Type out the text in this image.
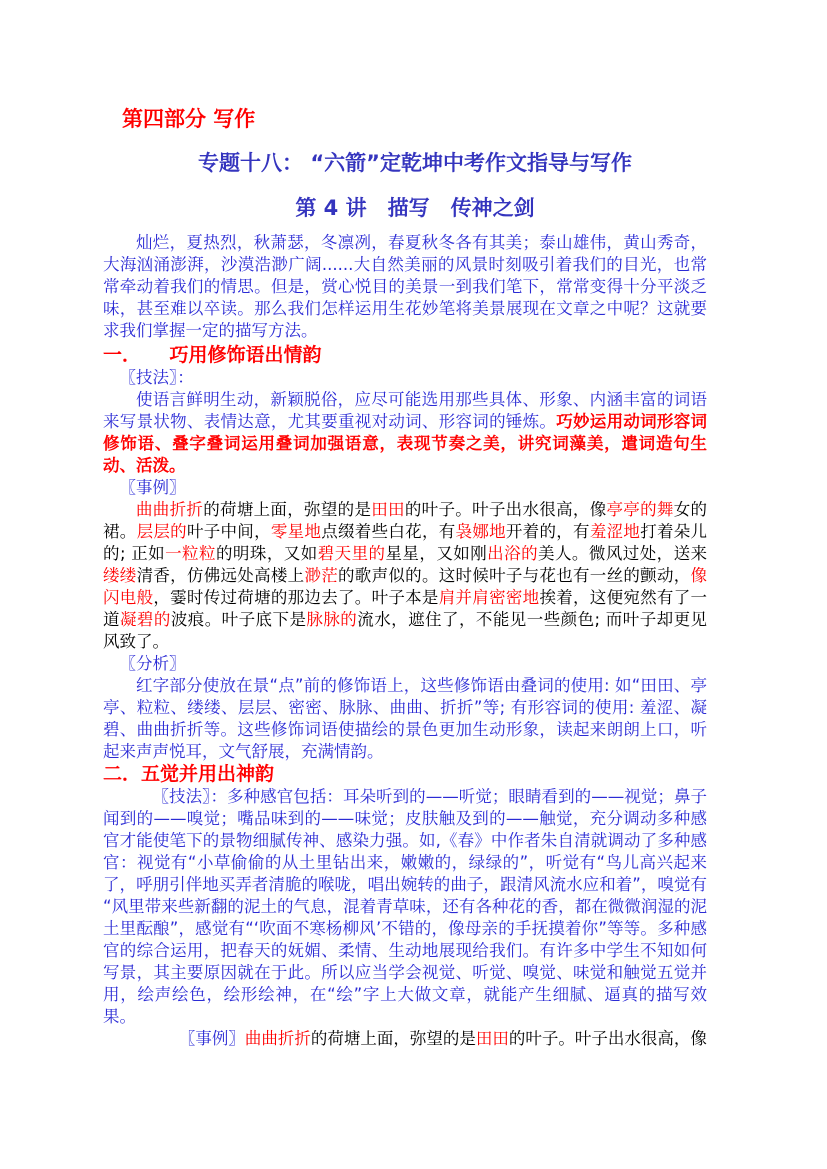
第四部分 写作

专题十八： “六箭”定乾坤中考作文指导与写作

第 4 讲　描写　传神之剑

灿烂，夏热烈，秋萧瑟，冬凛冽，春夏秋冬各有其美；泰山雄伟，黄山秀奇，大海汹涌澎湃，沙漠浩渺广阔......大自然美丽的风景时刻吸引着我们的目光，也常常牵动着我们的情思。但是，赏心悦目的美景一到我们笔下，常常变得十分平淡乏味，甚至难以卒读。那么我们怎样运用生花妙笔将美景展现在文章之中呢？这就要求我们掌握一定的描写方法。

一．　　巧用修饰语出情韵

〖技法〗：

使语言鲜明生动，新颖脱俗，应尽可能选用那些具体、形象、内涵丰富的词语来写景状物、表情达意，尤其要重视对动词、形容词的锤炼。巧妙运用动词形容词修饰语、叠字叠词运用叠词加强语意，表现节奏之美，讲究词藻美，遣词造句生动、活泼。

〖事例〗

曲曲折折的荷塘上面，弥望的是田田的叶子。叶子出水很高，像亭亭的舞女的裙。层层的叶子中间，零星地点缀着些白花，有袅娜地开着的，有羞涩地打着朵儿的; 正如一粒粒的明珠，又如碧天里的星星，又如刚出浴的美人。微风过处，送来缕缕清香，仿佛远处高楼上渺茫的歌声似的。这时候叶子与花也有一丝的颤动，像闪电般，霎时传过荷塘的那边去了。叶子本是肩并肩密密地挨着，这便宛然有了一道凝碧的波痕。叶子底下是脉脉的流水，遮住了，不能见一些颜色; 而叶子却更见风致了。

〖分析〗

红字部分使放在景“点”前的修饰语上，这些修饰语由叠词的使用: 如“田田、亭亭、粒粒、缕缕、层层、密密、脉脉、曲曲、折折”等; 有形容词的使用: 羞涩、凝碧、曲曲折折等。这些修饰词语使描绘的景色更加生动形象，读起来朗朗上口，听起来声声悦耳，文气舒展，充满情韵。

二．五觉并用出神韵

〖技法〗：多种感官包括：耳朵听到的——听觉；眼睛看到的——视觉；鼻子闻到的——嗅觉；嘴品味到的——味觉；皮肤触及到的——触觉，充分调动多种感官才能使笔下的景物细腻传神、感染力强。如,《春》中作者朱自清就调动了多种感官：视觉有“小草偷偷的从土里钻出来，嫩嫩的，绿绿的”，听觉有“鸟儿高兴起来了，呼朋引伴地买弄者清脆的喉咙，唱出婉转的曲子，跟清风流水应和着”，嗅觉有“风里带来些新翻的泥土的气息，混着青草味，还有各种花的香，都在微微润湿的泥土里酝酿”，感觉有“‘吹面不寒杨柳风’不错的，像母亲的手抚摸着你”等等。多种感官的综合运用，把春天的妩媚、柔情、生动地展现给我们。有许多中学生不知如何写景，其主要原因就在于此。所以应当学会视觉、听觉、嗅觉、味觉和触觉五觉并用，绘声绘色，绘形绘神，在“绘”字上大做文章，就能产生细腻、逼真的描写效果。

〖事例〗曲曲折折的荷塘上面，弥望的是田田的叶子。叶子出水很高，像
